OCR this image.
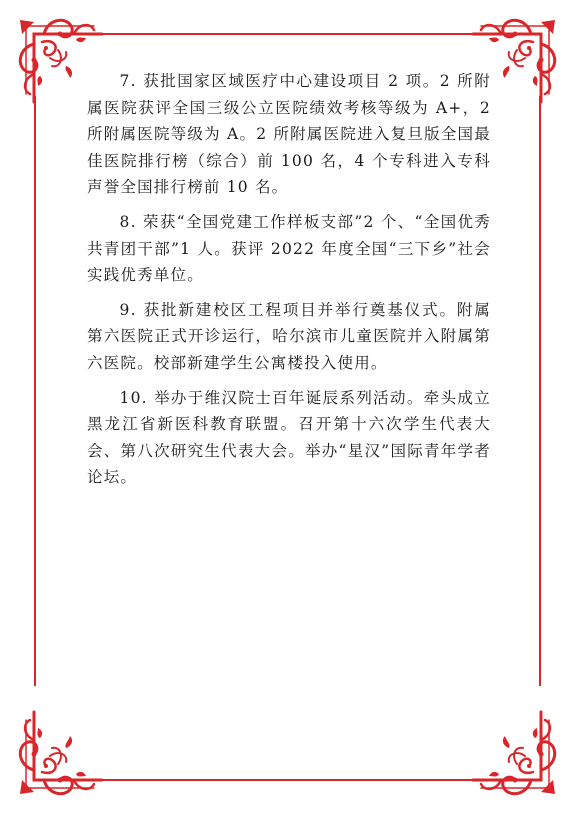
7. 获批国家区域医疗中心建设项目 2 项。2 所附属医院获评全国三级公立医院绩效考核等级为 A+，2 所附属医院等级为 A。2 所附属医院进入复旦版全国最佳医院排行榜（综合）前 100 名，4 个专科进入专科声誉全国排行榜前 10 名。

8. 荣获“全国党建工作样板支部”2 个、“全国优秀共青团干部”1 人。获评 2022 年度全国“三下乡”社会实践优秀单位。

9. 获批新建校区工程项目并举行奠基仪式。附属第六医院正式开诊运行，哈尔滨市儿童医院并入附属第六医院。校部新建学生公寓楼投入使用。

10. 举办于维汉院士百年诞辰系列活动。牵头成立黑龙江省新医科教育联盟。召开第十六次学生代表大会、第八次研究生代表大会。举办“星汉”国际青年学者论坛。
